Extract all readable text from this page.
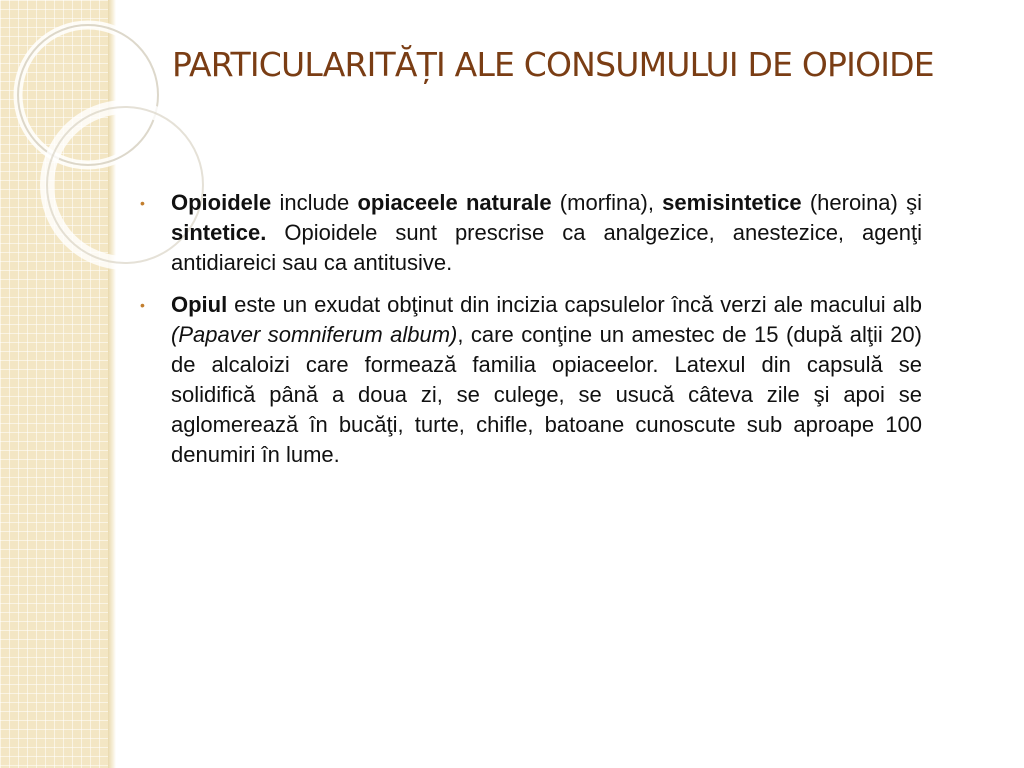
PARTICULARITĂȚI ALE CONSUMULUI DE OPIOIDE
•	Opioidele include opiaceele naturale (morfina), semisintetice (heroina) şi sintetice. Opioidele sunt prescrise ca analgezice, anestezice, agenţi antidiareici sau ca antitusive.
•	Opiul este un exudat obţinut din incizia capsulelor încă verzi ale macului alb (Papaver somniferum album), care conţine un amestec de 15 (după alţii 20) de alcaloizi care formează familia opiaceelor. Latexul din capsulă se solidifică până a doua zi, se culege, se usucă câteva zile şi apoi se aglomerează în bucăţi, turte, chifle, batoane cunoscute sub aproape 100 denumiri în lume.
